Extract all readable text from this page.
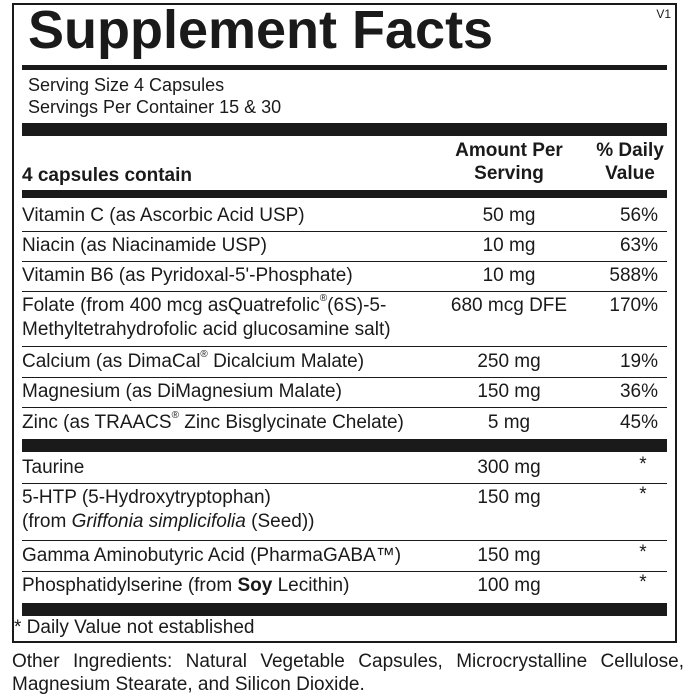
Supplement Facts	V1
Serving Size 4 Capsules
Servings Per Container 15 & 30
4 capsules contain
Amount Per
Serving
% Daily
Value
Vitamin C (as Ascorbic Acid USP)	50 mg	56%
Niacin (as Niacinamide USP)	10 mg	63%
Vitamin B6 (as Pyridoxal-5'-Phosphate)	10 mg	588%
Folate (from 400 mcg asQuatrefolic®(6S)-5-
Methyltetrahydrofolic acid glucosamine salt)
680 mcg DFE	170%
Calcium (as DimaCal® Dicalcium Malate)	250 mg	19%
Magnesium (as DiMagnesium Malate)	150 mg	36%
Zinc (as TRAACS® Zinc Bisglycinate Chelate)	5 mg	45%
Taurine	300 mg	*
5-HTP (5-Hydroxytryptophan)
(from Griffonia simplicifolia (Seed))
150 mg	*
Gamma Aminobutyric Acid (PharmaGABA™)	150 mg	*
Phosphatidylserine (from Soy Lecithin)	100 mg	*
* Daily Value not established
Other Ingredients: Natural Vegetable Capsules, Microcrystalline Cellulose, Magnesium Stearate, and Silicon Dioxide.
